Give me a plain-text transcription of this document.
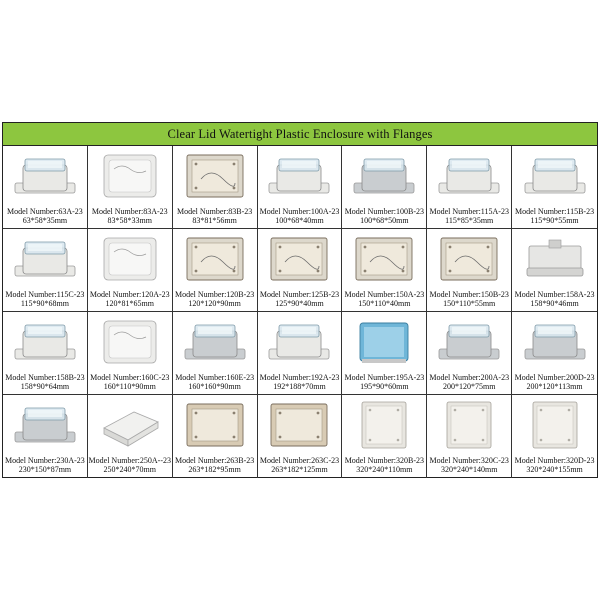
Clear Lid Watertight Plastic Enclosure with Flanges
Model Number:63A-23
63*58*35mm
Model Number:83A-23
83*58*33mm
Model Number:83B-23
83*81*56mm
Model Number:100A-23
100*68*40mm
Model Number:100B-23
100*68*50mm
Model Number:115A-23
115*85*35mm
Model Number:115B-23
115*90*55mm
Model Number:115C-23
115*90*68mm
Model Number:120A-23
120*81*65mm
Model Number:120B-23
120*120*90mm
Model Number:125B-23
125*90*40mm
Model Number:150A-23
150*110*40mm
Model Number:150B-23
150*110*55mm
Model Number:158A-23
158*90*46mm
Model Number:158B-23
158*90*64mm
Model Number:160C-23
160*110*90mm
Model Number:160E-23
160*160*90mm
Model Number:192A-23
192*188*70mm
Model Number:195A-23
195*90*60mm
Model Number:200A-23
200*120*75mm
Model Number:200D-23
200*120*113mm
Model Number:230A-23
230*150*87mm
Model Number:250A--23
250*240*70mm
Model Number:263B-23
263*182*95mm
Model Number:263C-23
263*182*125mm
Model Number:320B-23
320*240*110mm
Model Number:320C-23
320*240*140mm
Model Number:320D-23
320*240*155mm
